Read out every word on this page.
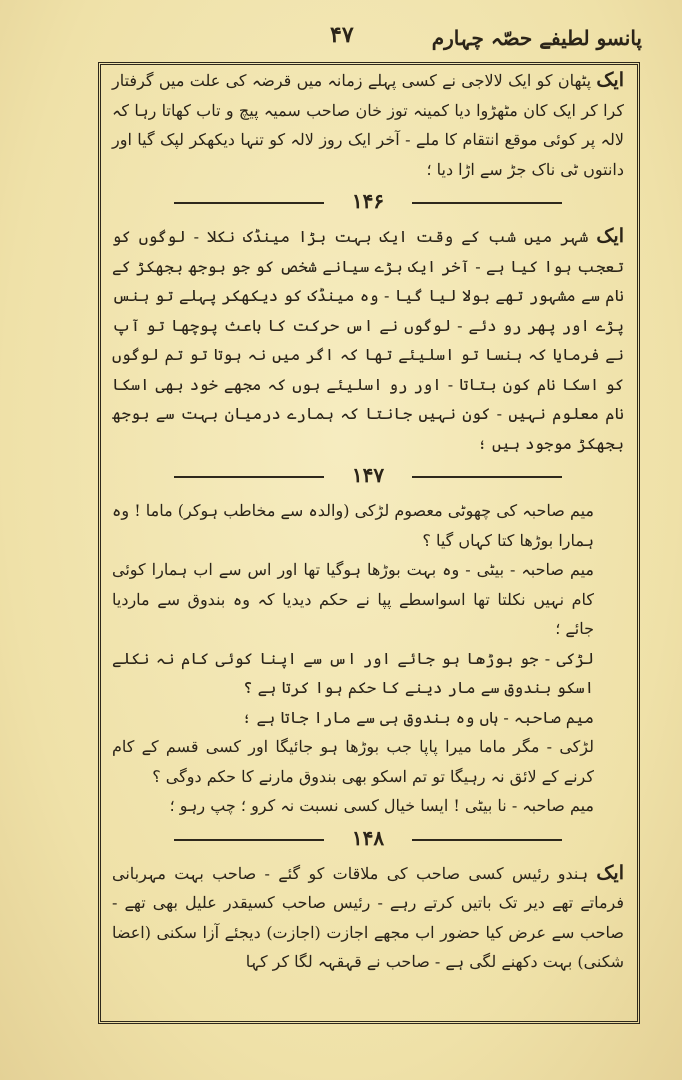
پانسو لطیفے حصّہ چہارم
۴۷

ایک پٹھان کو ایک لالاجی نے کسی پہلے زمانہ میں قرضہ کی علت میں گرفتار کرا کر ایک کان مٹھڑوا دیا کمینہ توز خان صاحب سمیہ پیچ و تاب کھاتا رہا کہ لالہ پر کوئی موقع انتقام کا ملے - آخر ایک روز لالہ کو تنہا دیکھکر لپک گیا اور دانتوں ٹی ناک جڑ سے اڑا دیا ؛

۱۴۶

ایک شہر میں شب کے وقت ایک بہت بڑا مینڈک نکلا - لوگوں کو تعجب ہوا کیا ہے - آخر ایک بڑے سیانے شخص کو جو بوجھ بجھکڑ کے نام سے مشہور تھے بولا لیا گیا - وہ مینڈک کو دیکھکر پہلے تو ہنس پڑے اور پھر رو دئے - لوگوں نے اس حرکت کا باعث پوچھا تو آپ نے فرمایا کہ ہنسا تو اسلیئے تھا کہ اگر میں نہ ہوتا تو تم لوگوں کو اسکا نام کون بتاتا - اور رو اسلیئے ہوں کہ مجھے خود بھی اسکا نام معلوم نہیں - کون نہیں جانتا کہ ہمارے درمیان بہت سے بوجھ بجھکڑ موجود ہیں ؛

۱۴۷

میم صاحبہ کی چھوٹی معصوم لڑکی (والدہ سے مخاطب ہوکر) ماما ! وہ ہمارا بوڑھا کتا کہاں گیا ؟

میم صاحبہ - بیٹی - وہ بہت بوڑھا ہوگیا تھا اور اس سے اب ہمارا کوئی کام نہیں نکلتا تھا اسواسطے پپا نے حکم دیدیا کہ وہ بندوق سے ماردیا جائے ؛

لڑکی - جو بوڑھا ہو جائے اور اس سے اپنا کوئی کام نہ نکلے اسکو بندوق سے مار دینے کا حکم ہوا کرتا ہے ؟

میم صاحبہ - ہاں وہ بندوق ہی سے مارا جاتا ہے ؛

لڑکی - مگر ماما میرا پاپا جب بوڑھا ہو جائیگا اور کسی قسم کے کام کرنے کے لائق نہ رہیگا تو تم اسکو بھی بندوق مارنے کا حکم دوگی ؟

میم صاحبہ - نا بیٹی ! ایسا خیال کسی نسبت نہ کرو ؛ چپ رہو ؛

۱۴۸

ایک ہندو رئیس کسی صاحب کی ملاقات کو گئے - صاحب بہت مہربانی فرماتے تھے دیر تک باتیں کرتے رہے - رئیس صاحب کسیقدر علیل بھی تھے - صاحب سے عرض کیا حضور اب مجھے اجازت (اجازت) دیجئے آزا سکنی (اعضا شکنی) بہت دکھنے لگی ہے - صاحب نے قہقہہ لگا کر کہا
